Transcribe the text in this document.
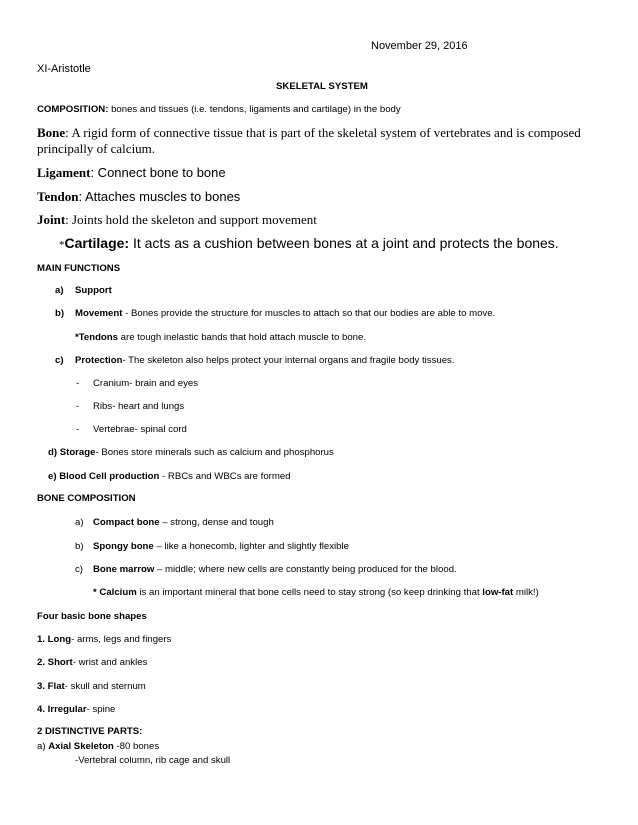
November 29, 2016
XI-Aristotle
SKELETAL SYSTEM
COMPOSITION: bones and tissues (i.e. tendons, ligaments and cartilage) in the body
Bone: A rigid form of connective tissue that is part of the skeletal system of vertebrates and is composed principally of calcium.
Ligament: Connect bone to bone
Tendon: Attaches muscles to bones
Joint: Joints hold the skeleton and support movement
*Cartilage: It acts as a cushion between bones at a joint and protects the bones.
MAIN FUNCTIONS
a) Support
b) Movement - Bones provide the structure for muscles to attach so that our bodies are able to move.
*Tendons are tough inelastic bands that hold attach muscle to bone.
c) Protection- The skeleton also helps protect your internal organs and fragile body tissues.
- Cranium- brain and eyes
- Ribs- heart and lungs
- Vertebrae- spinal cord
d) Storage- Bones store minerals such as calcium and phosphorus
e) Blood Cell production - RBCs and WBCs are formed
BONE COMPOSITION
a) Compact bone – strong, dense and tough
b) Spongy bone – like a honecomb, lighter and slightly flexible
c) Bone marrow – middle; where new cells are constantly being produced for the blood.
* Calcium is an important mineral that bone cells need to stay strong (so keep drinking that low-fat milk!)
Four basic bone shapes
1. Long- arms, legs and fingers
2. Short- wrist and ankles
3. Flat- skull and sternum
4. Irregular- spine
2 DISTINCTIVE PARTS:
a) Axial Skeleton -80 bones
-Vertebral column, rib cage and skull
